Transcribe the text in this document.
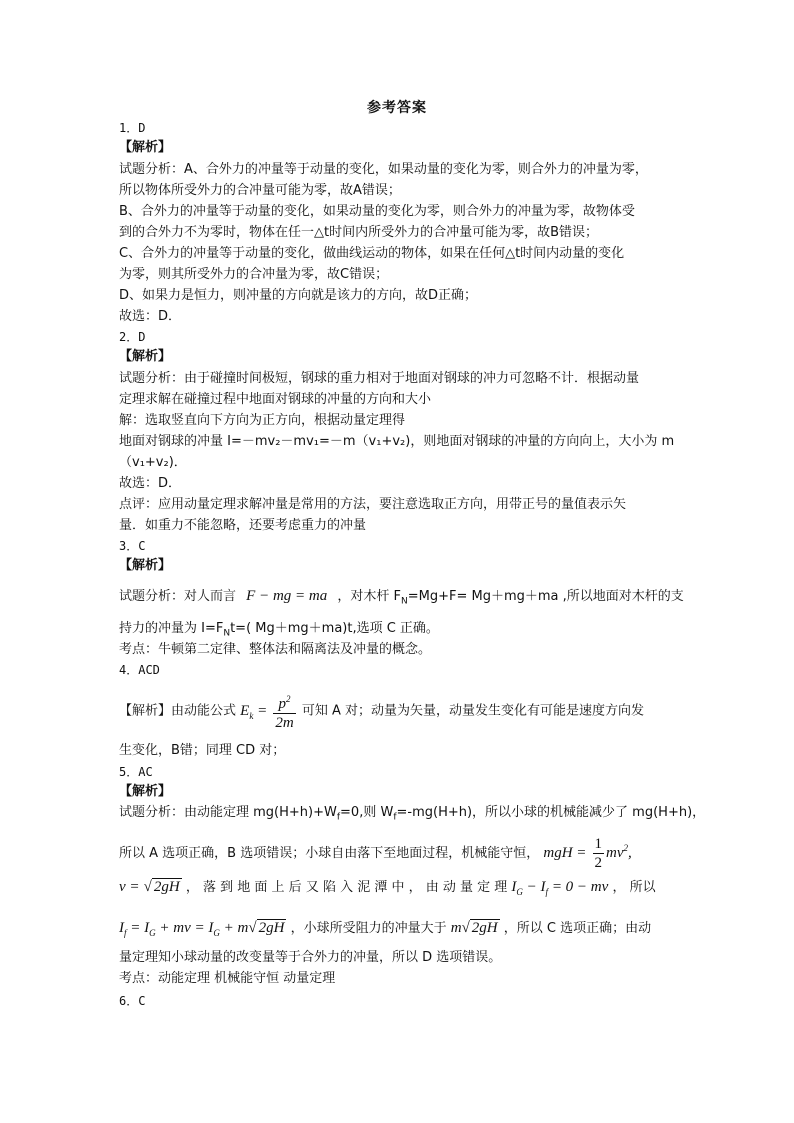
参考答案
1．D
【解析】
试题分析：A、合外力的冲量等于动量的变化，如果动量的变化为零，则合外力的冲量为零，
所以物体所受外力的合冲量可能为零，故A错误；
B、合外力的冲量等于动量的变化，如果动量的变化为零，则合外力的冲量为零，故物体受
到的合外力不为零时，物体在任一△t时间内所受外力的合冲量可能为零，故B错误；
C、合外力的冲量等于动量的变化，做曲线运动的物体，如果在任何△t时间内动量的变化
为零，则其所受外力的合冲量为零，故C错误；
D、如果力是恒力，则冲量的方向就是该力的方向，故D正确；
故选：D．
2．D
【解析】
试题分析：由于碰撞时间极短，钢球的重力相对于地面对钢球的冲力可忽略不计．根据动量
定理求解在碰撞过程中地面对钢球的冲量的方向和大小
解：选取竖直向下方向为正方向，根据动量定理得
地面对钢球的冲量 I=－mv₂－mv₁=－m（v₁+v₂)，则地面对钢球的冲量的方向向上，大小为 m
（v₁+v₂)．
故选：D．
点评：应用动量定理求解冲量是常用的方法，要注意选取正方向，用带正号的量值表示矢
量．如重力不能忽略，还要考虑重力的冲量
3．C
【解析】
试题分析：对人而言 F − mg = ma ，对木杆 $F_N=Mg+F= Mg+mg+ma$ ,所以地面对木杆的支
持力的冲量为 $I=F_Nt=$( Mg＋mg＋ma)t,选项 C 正确。
考点：牛顿第二定律、整体法和隔离法及冲量的概念。
4．ACD
【解析】由动能公式 $E_k = \frac{p^2}{2m}$ 可知 A 对；动量为矢量，动量发生变化有可能是速度方向发
生变化，B错；同理 CD 对；
5．AC
【解析】
试题分析：由动能定理 $mg(H+h)+W_f=0$,则 $W_f=-mg(H+h)$，所以小球的机械能减少了 mg(H+h)，
所以 A 选项正确，B 选项错误；小球自由落下至地面过程，机械能守恒， mgH = $\frac{1}{2} mv^2$,
v = √ 2gH ， 落 到 地 面 上 后 又 陷 入 泥 潭 中 ， 由 动 量 定 理 $I_G - I_f = 0$ − mv ， 所以
$I_f = I_G$ + mv = $I_G + m√$ 2gH ，小球所受阻力的冲量大于 m√ 2gH ，所以 C 选项正确；由动
量定理知小球动量的改变量等于合外力的冲量，所以 D 选项错误。
考点：动能定理 机械能守恒 动量定理
6．C
